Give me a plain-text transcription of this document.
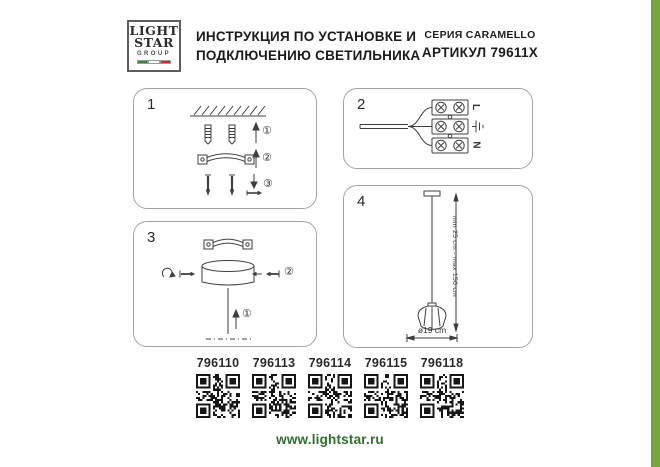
LIGHT
STAR
GROUP
ИНСТРУКЦИЯ ПО УСТАНОВКЕ И
ПОДКЛЮЧЕНИЮ СВЕТИЛЬНИКА
СЕРИЯ CARAMELLO
АРТИКУЛ 79611X
1
①
②
③
2	L
N
3
①
②
4
min 25 cm - max 150 cm
ø19 cm
796110 796113 796114 796115 796118
www.lightstar.ru
